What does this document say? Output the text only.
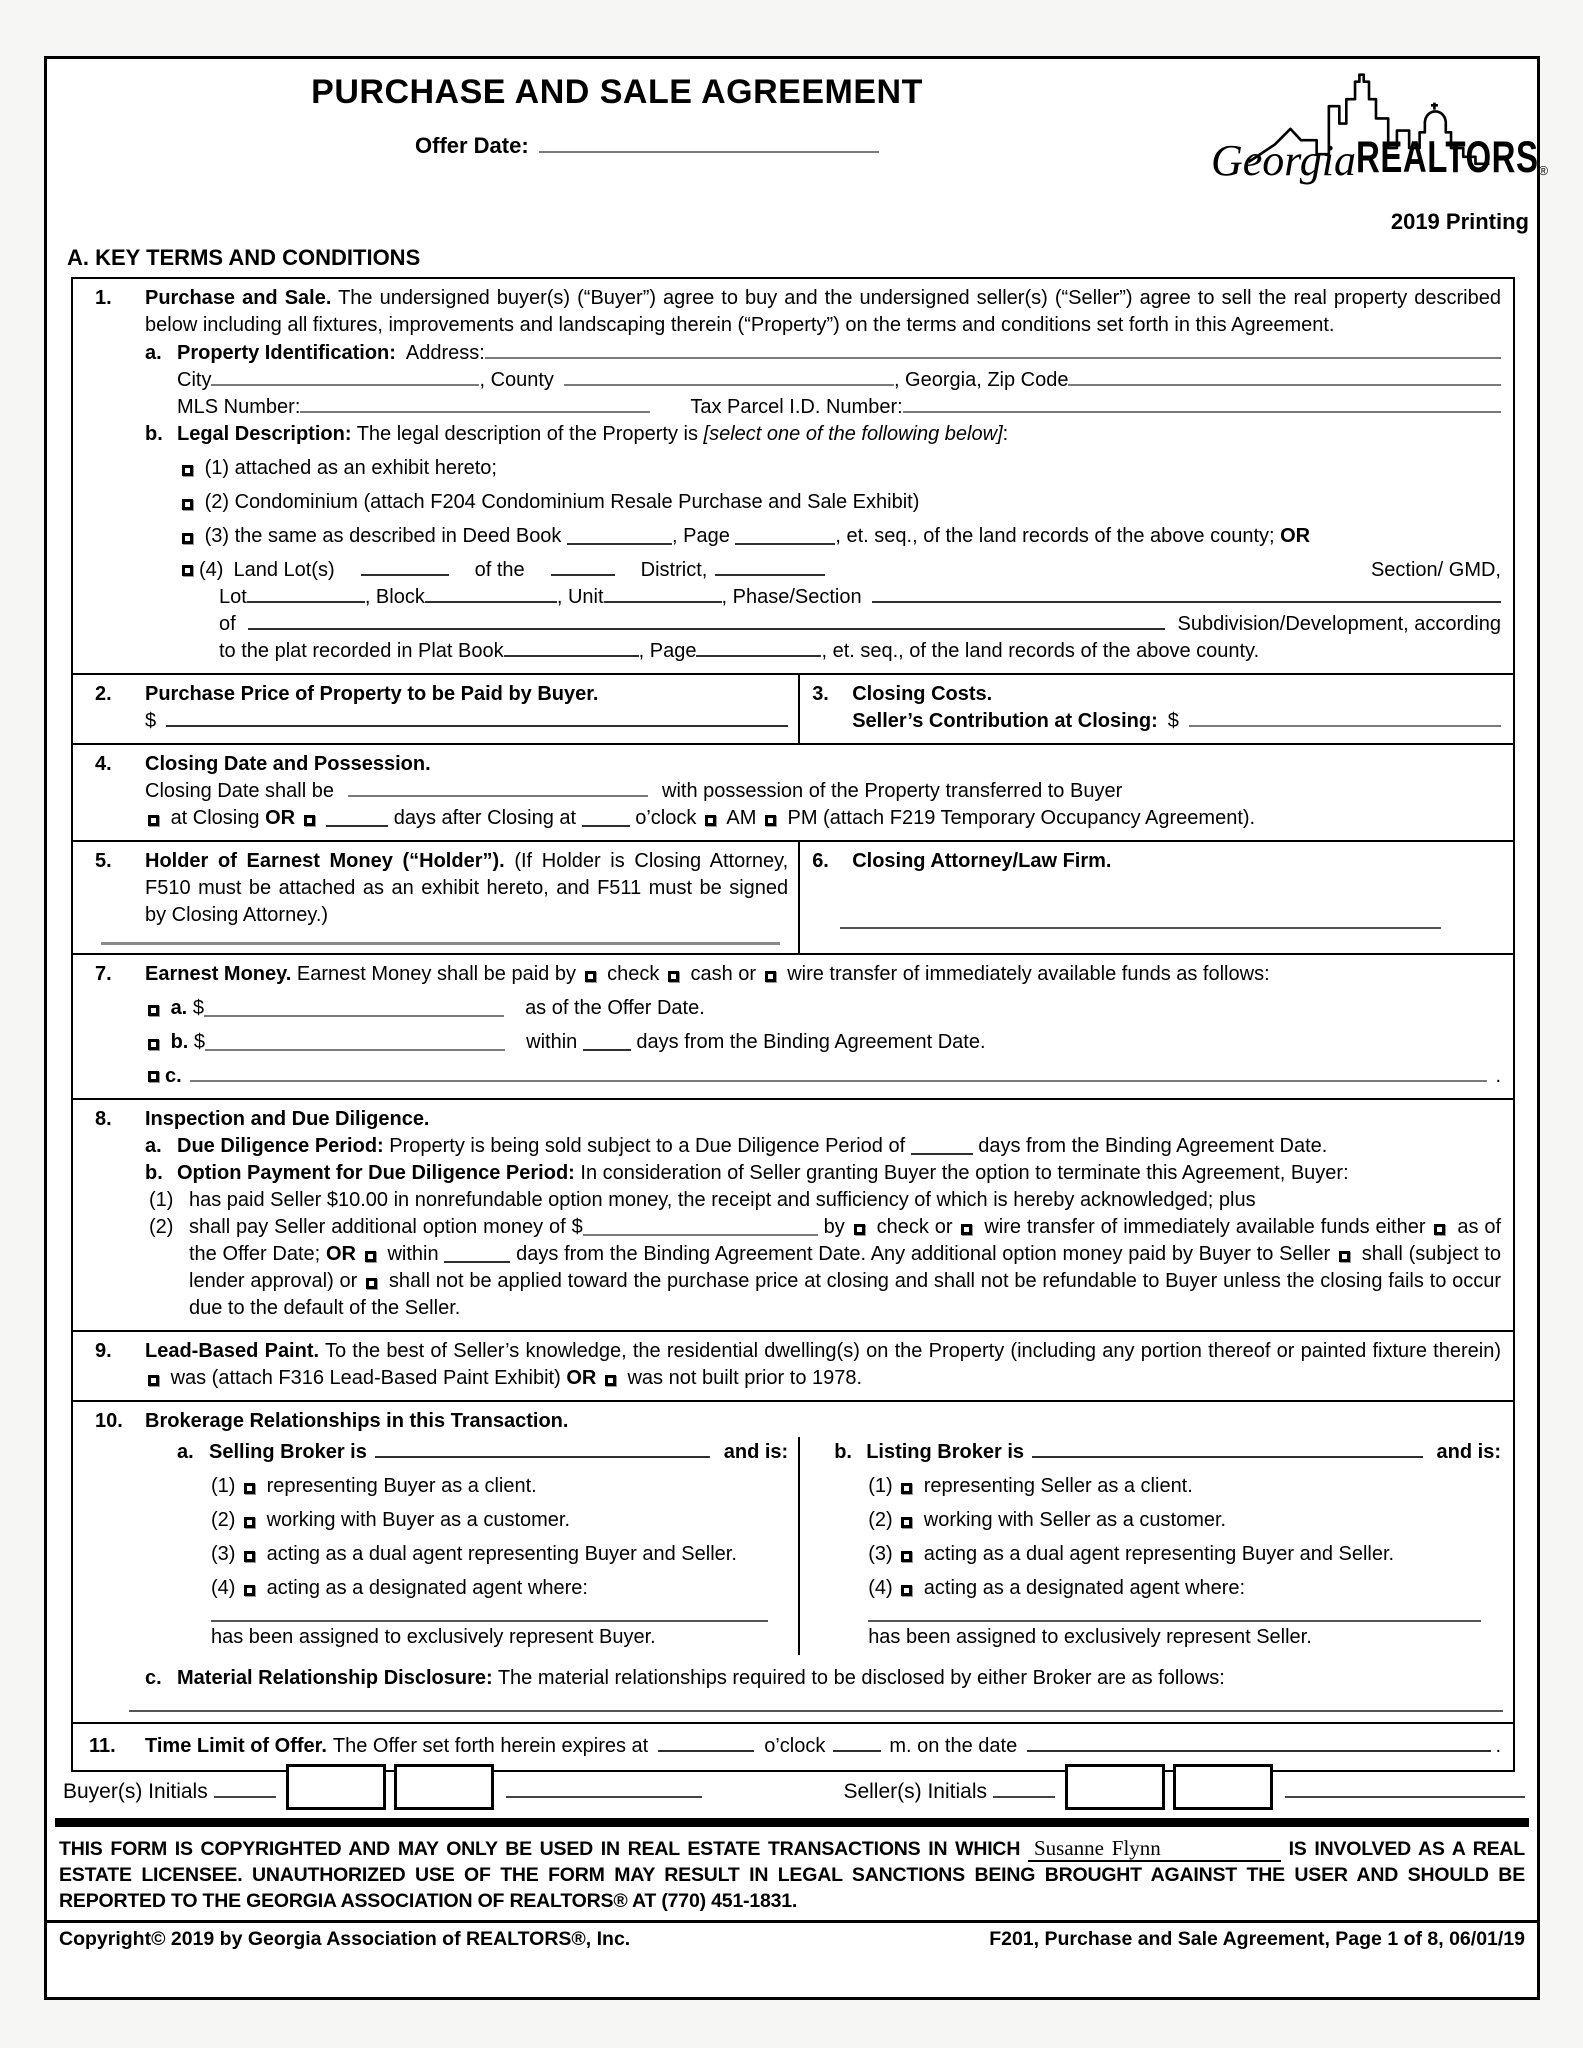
PURCHASE AND SALE AGREEMENT
Offer Date:	Georgia REALTORS ®
2019 Printing
A. KEY TERMS AND CONDITIONS
1. Purchase and Sale. The undersigned buyer(s) (“Buyer”) agree to buy and the undersigned seller(s) (“Seller”) agree to sell the real property described below including all fixtures, improvements and landscaping therein (“Property”) on the terms and conditions set forth in this Agreement.
a. Property Identification: Address:
City	, County	, Georgia, Zip Code
MLS Number:	Tax Parcel I.D. Number:
b. Legal Description: The legal description of the Property is [select one of the following below]:
(1) attached as an exhibit hereto;
(2) Condominium (attach F204 Condominium Resale Purchase and Sale Exhibit)
(3) the same as described in Deed Book	, Page	, et. seq., of the land records of the above county; OR
(4) Land Lot(s)	of the	District,	Section/ GMD,
Lot	, Block	, Unit	, Phase/Section
of	Subdivision/Development, according
to the plat recorded in Plat Book	, Page	, et. seq., of the land records of the above county.
2. Purchase Price of Property to be Paid by Buyer.
$
3. Closing Costs.
Seller’s Contribution at Closing: $
4. Closing Date and Possession.
Closing Date shall be	with possession of the Property transferred to Buyer
at Closing OR	days after Closing at	o’clock AM PM (attach F219 Temporary Occupancy Agreement).
5. Holder of Earnest Money (“Holder”). (If Holder is Closing Attorney, F510 must be attached as an exhibit hereto, and F511 must be signed by Closing Attorney.)
6. Closing Attorney/Law Firm.
7. Earnest Money. Earnest Money shall be paid by check cash or wire transfer of immediately available funds as follows:
a. $	as of the Offer Date.
b. $	within	days from the Binding Agreement Date.
c.	.
8. Inspection and Due Diligence.
a. Due Diligence Period: Property is being sold subject to a Due Diligence Period of	days from the Binding Agreement Date.
b. Option Payment for Due Diligence Period: In consideration of Seller granting Buyer the option to terminate this Agreement, Buyer:
(1) has paid Seller $10.00 in nonrefundable option money, the receipt and sufficiency of which is hereby acknowledged; plus
(2) shall pay Seller additional option money of $	by check or wire transfer of immediately available funds either as of the Offer Date; OR within	days from the Binding Agreement Date. Any additional option money paid by Buyer to Seller shall (subject to lender approval) or shall not be applied toward the purchase price at closing and shall not be refundable to Buyer unless the closing fails to occur due to the default of the Seller.
9. Lead-Based Paint. To the best of Seller’s knowledge, the residential dwelling(s) on the Property (including any portion thereof or painted fixture therein)  was (attach F316 Lead-Based Paint Exhibit) OR was not built prior to 1978.
10. Brokerage Relationships in this Transaction.
a. Selling Broker is	and is:
(1) representing Buyer as a client.
(2) working with Buyer as a customer.
(3) acting as a dual agent representing Buyer and Seller.
(4) acting as a designated agent where:
has been assigned to exclusively represent Buyer.
b. Listing Broker is	and is:
(1) representing Seller as a client.
(2) working with Seller as a customer.
(3) acting as a dual agent representing Buyer and Seller.
(4) acting as a designated agent where:
has been assigned to exclusively represent Seller.
c. Material Relationship Disclosure: The material relationships required to be disclosed by either Broker are as follows:
11. Time Limit of Offer. The Offer set forth herein expires at	o’clock	m. on the date	.
Buyer(s) Initials	Seller(s) Initials
THIS FORM IS COPYRIGHTED AND MAY ONLY BE USED IN REAL ESTATE TRANSACTIONS IN WHICH Susanne Flynn	IS INVOLVED AS A REAL ESTATE LICENSEE. UNAUTHORIZED USE OF THE FORM MAY RESULT IN LEGAL SANCTIONS BEING BROUGHT AGAINST THE USER AND SHOULD BE REPORTED TO THE GEORGIA ASSOCIATION OF REALTORS® AT (770) 451-1831.
Copyright© 2019 by Georgia Association of REALTORS®, Inc.	F201, Purchase and Sale Agreement, Page 1 of 8, 06/01/19
